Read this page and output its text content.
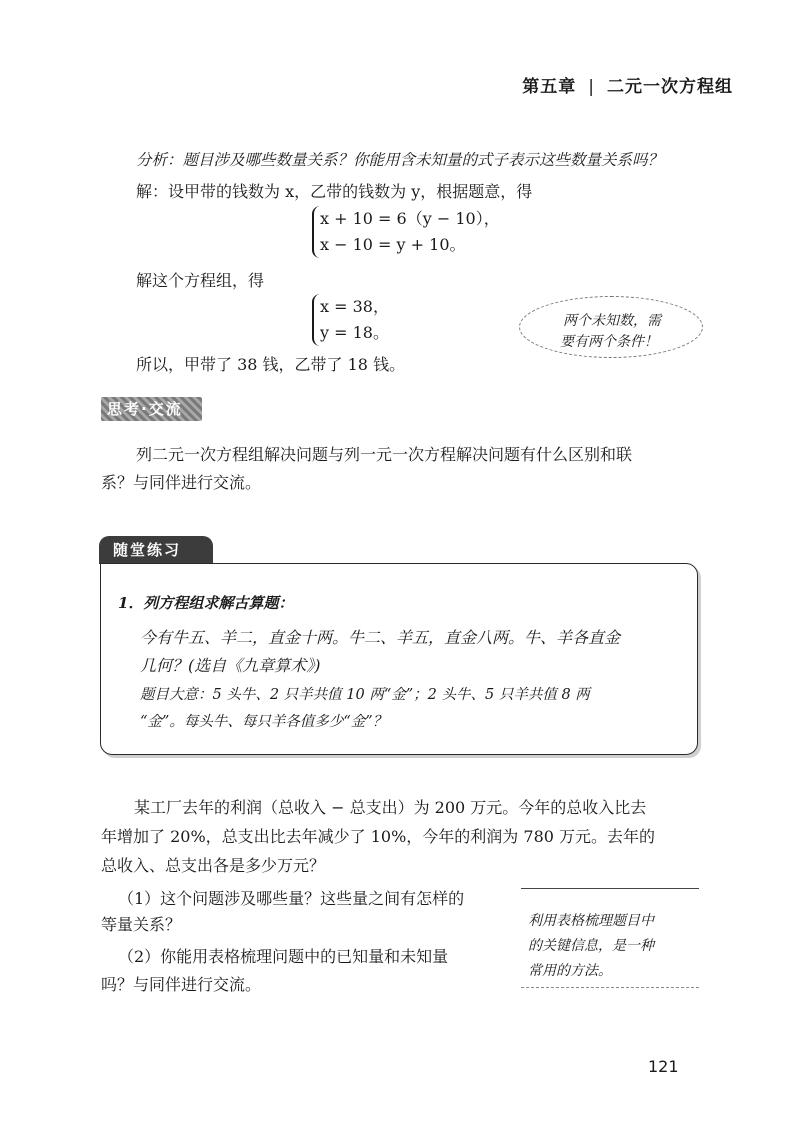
第五章 | 二元一次方程组
分析：题目涉及哪些数量关系？你能用含未知量的式子表示这些数量关系吗？
解：设甲带的钱数为 x，乙带的钱数为 y，根据题意，得
x + 10 = 6（y − 10），
x − 10 = y + 10。
解这个方程组，得
x = 38，
y = 18。
所以，甲带了 38 钱，乙带了 18 钱。
两个未知数，需
要有两个条件！
思考·交流
列二元一次方程组解决问题与列一元一次方程解决问题有什么区别和联
系？与同伴进行交流。
随堂练习
1．列方程组求解古算题：
今有牛五、羊二，直金十两。牛二、羊五，直金八两。牛、羊各直金
几何？(选自《九章算术》)
题目大意：5 头牛、2 只羊共值 10 两“金”；2 头牛、5 只羊共值 8 两
“金”。每头牛、每只羊各值多少“金”？
某工厂去年的利润（总收入 − 总支出）为 200 万元。今年的总收入比去
年增加了 20%，总支出比去年减少了 10%，今年的利润为 780 万元。去年的
总收入、总支出各是多少万元？
（1）这个问题涉及哪些量？这些量之间有怎样的
等量关系？
（2）你能用表格梳理问题中的已知量和未知量
吗？与同伴进行交流。
利用表格梳理题目中
的关键信息，是一种
常用的方法。
121
